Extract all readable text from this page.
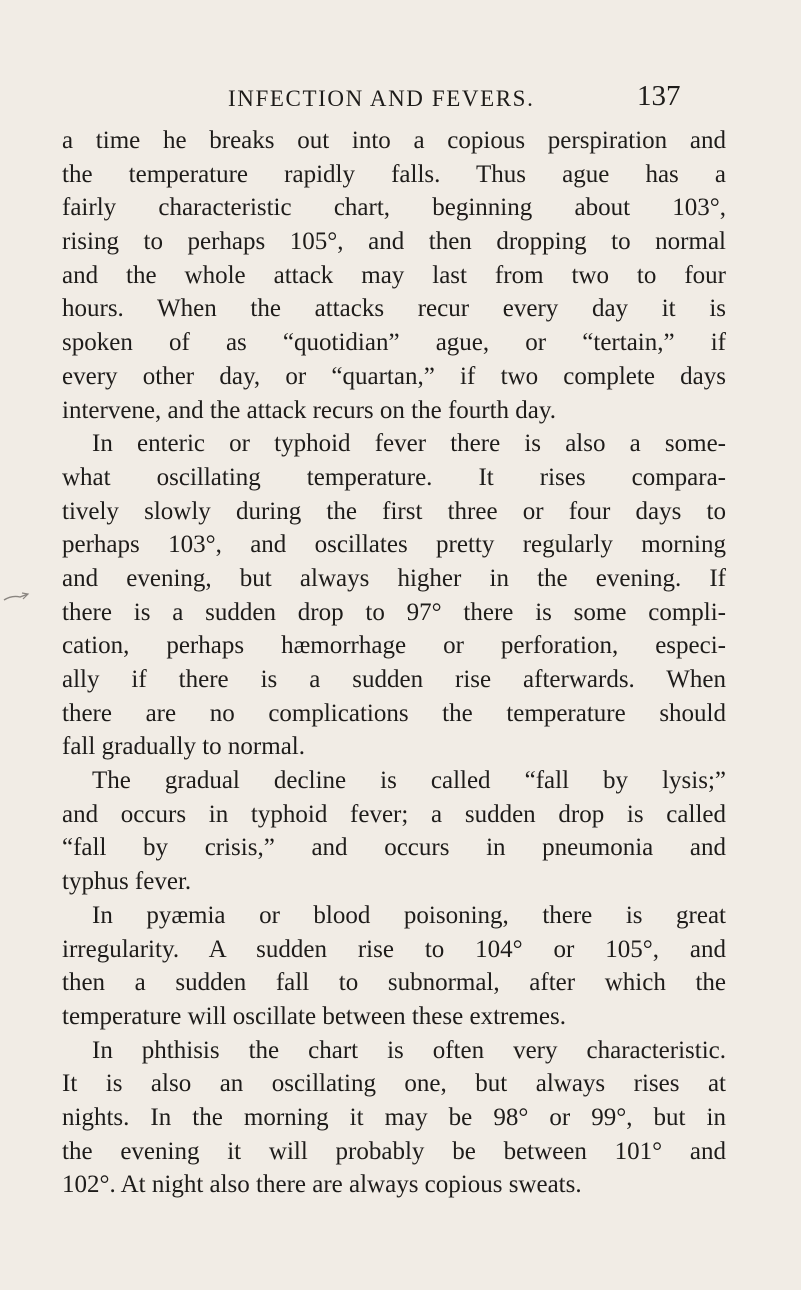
INFECTION AND FEVERS.	137
a time he breaks out into a copious perspiration and
the temperature rapidly falls. Thus ague has a
fairly characteristic chart, beginning about 103°,
rising to perhaps 105°, and then dropping to normal
and the whole attack may last from two to four
hours. When the attacks recur every day it is
spoken of as “quotidian” ague, or “tertain,” if
every other day, or “quartan,” if two complete days
intervene, and the attack recurs on the fourth day.
In enteric or typhoid fever there is also a some-
what oscillating temperature. It rises compara-
tively slowly during the first three or four days to
perhaps 103°, and oscillates pretty regularly morning
and evening, but always higher in the evening. If
there is a sudden drop to 97° there is some compli-
cation, perhaps hæmorrhage or perforation, especi-
ally if there is a sudden rise afterwards. When
there are no complications the temperature should
fall gradually to normal.
The gradual decline is called “fall by lysis;”
and occurs in typhoid fever; a sudden drop is called
“fall by crisis,” and occurs in pneumonia and
typhus fever.
In pyæmia or blood poisoning, there is great
irregularity. A sudden rise to 104° or 105°, and
then a sudden fall to subnormal, after which the
temperature will oscillate between these extremes.
In phthisis the chart is often very characteristic.
It is also an oscillating one, but always rises at
nights. In the morning it may be 98° or 99°, but in
the evening it will probably be between 101° and
102°. At night also there are always copious sweats.
